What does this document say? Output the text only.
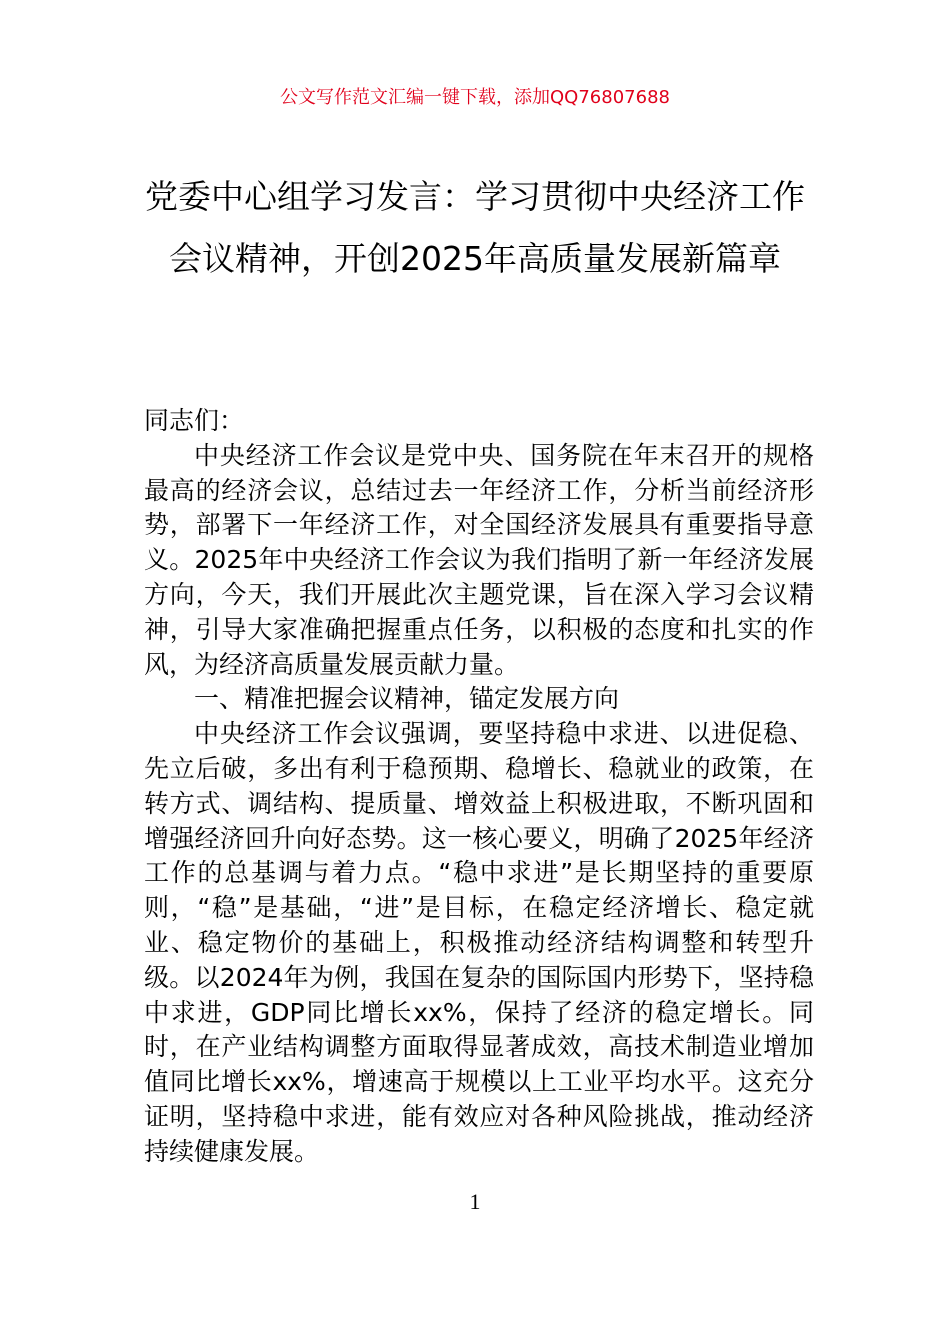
公文写作范文汇编一键下载，添加QQ76807688
党委中心组学习发言：学习贯彻中央经济工作会议精神，开创2025年高质量发展新篇章

同志们：

中央经济工作会议是党中央、国务院在年末召开的规格最高的经济会议，总结过去一年经济工作，分析当前经济形势，部署下一年经济工作，对全国经济发展具有重要指导意义。2025年中央经济工作会议为我们指明了新一年经济发展方向，今天，我们开展此次主题党课，旨在深入学习会议精神，引导大家准确把握重点任务，以积极的态度和扎实的作风，为经济高质量发展贡献力量。

一、精准把握会议精神，锚定发展方向

中央经济工作会议强调，要坚持稳中求进、以进促稳、先立后破，多出有利于稳预期、稳增长、稳就业的政策，在转方式、调结构、提质量、增效益上积极进取，不断巩固和增强经济回升向好态势。这一核心要义，明确了2025年经济工作的总基调与着力点。“稳中求进”是长期坚持的重要原则，“稳”是基础，“进”是目标，在稳定经济增长、稳定就业、稳定物价的基础上，积极推动经济结构调整和转型升级。以2024年为例，我国在复杂的国际国内形势下，坚持稳中求进，GDP同比增长xx%，保持了经济的稳定增长。同时，在产业结构调整方面取得显著成效，高技术制造业增加值同比增长xx%，增速高于规模以上工业平均水平。这充分证明，坚持稳中求进，能有效应对各种风险挑战，推动经济持续健康发展。

1
